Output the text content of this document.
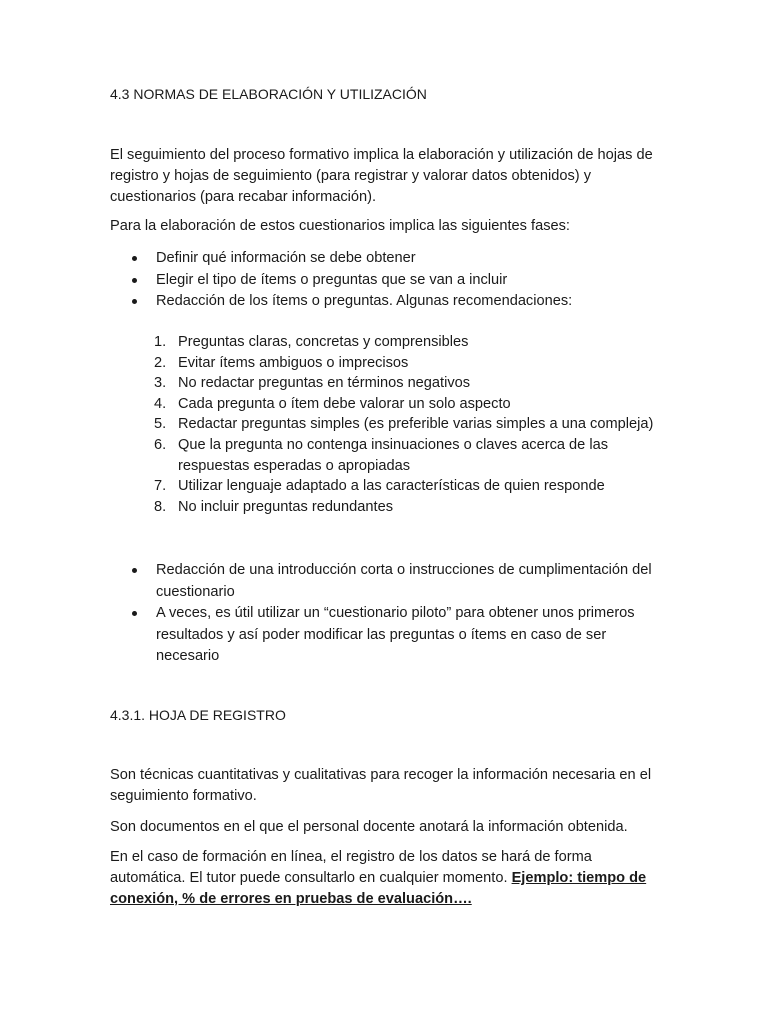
4.3 NORMAS DE ELABORACIÓN Y UTILIZACIÓN

El seguimiento del proceso formativo implica la elaboración y utilización de hojas de registro y hojas de seguimiento (para registrar y valorar datos obtenidos) y cuestionarios (para recabar información).

Para la elaboración de estos cuestionarios implica las siguientes fases:

Definir qué información se debe obtener
Elegir el tipo de ítems o preguntas que se van a incluir
Redacción de los ítems o preguntas. Algunas recomendaciones:
1. Preguntas claras, concretas y comprensibles
2. Evitar ítems ambiguos o imprecisos
3. No redactar preguntas en términos negativos
4. Cada pregunta o ítem debe valorar un solo aspecto
5. Redactar preguntas simples (es preferible varias simples a una compleja)
6. Que la pregunta no contenga insinuaciones o claves acerca de las respuestas esperadas o apropiadas
7. Utilizar lenguaje adaptado a las características de quien responde
8. No incluir preguntas redundantes
Redacción de una introducción corta o instrucciones de cumplimentación del cuestionario
A veces, es útil utilizar un “cuestionario piloto” para obtener unos primeros resultados y así poder modificar las preguntas o ítems en caso de ser necesario
4.3.1. HOJA DE REGISTRO

Son técnicas cuantitativas y cualitativas para recoger la información necesaria en el seguimiento formativo.

Son documentos en el que el personal docente anotará la información obtenida.

En el caso de formación en línea, el registro de los datos se hará de forma automática. El tutor puede consultarlo en cualquier momento. Ejemplo: tiempo de conexión, % de errores en pruebas de evaluación….
